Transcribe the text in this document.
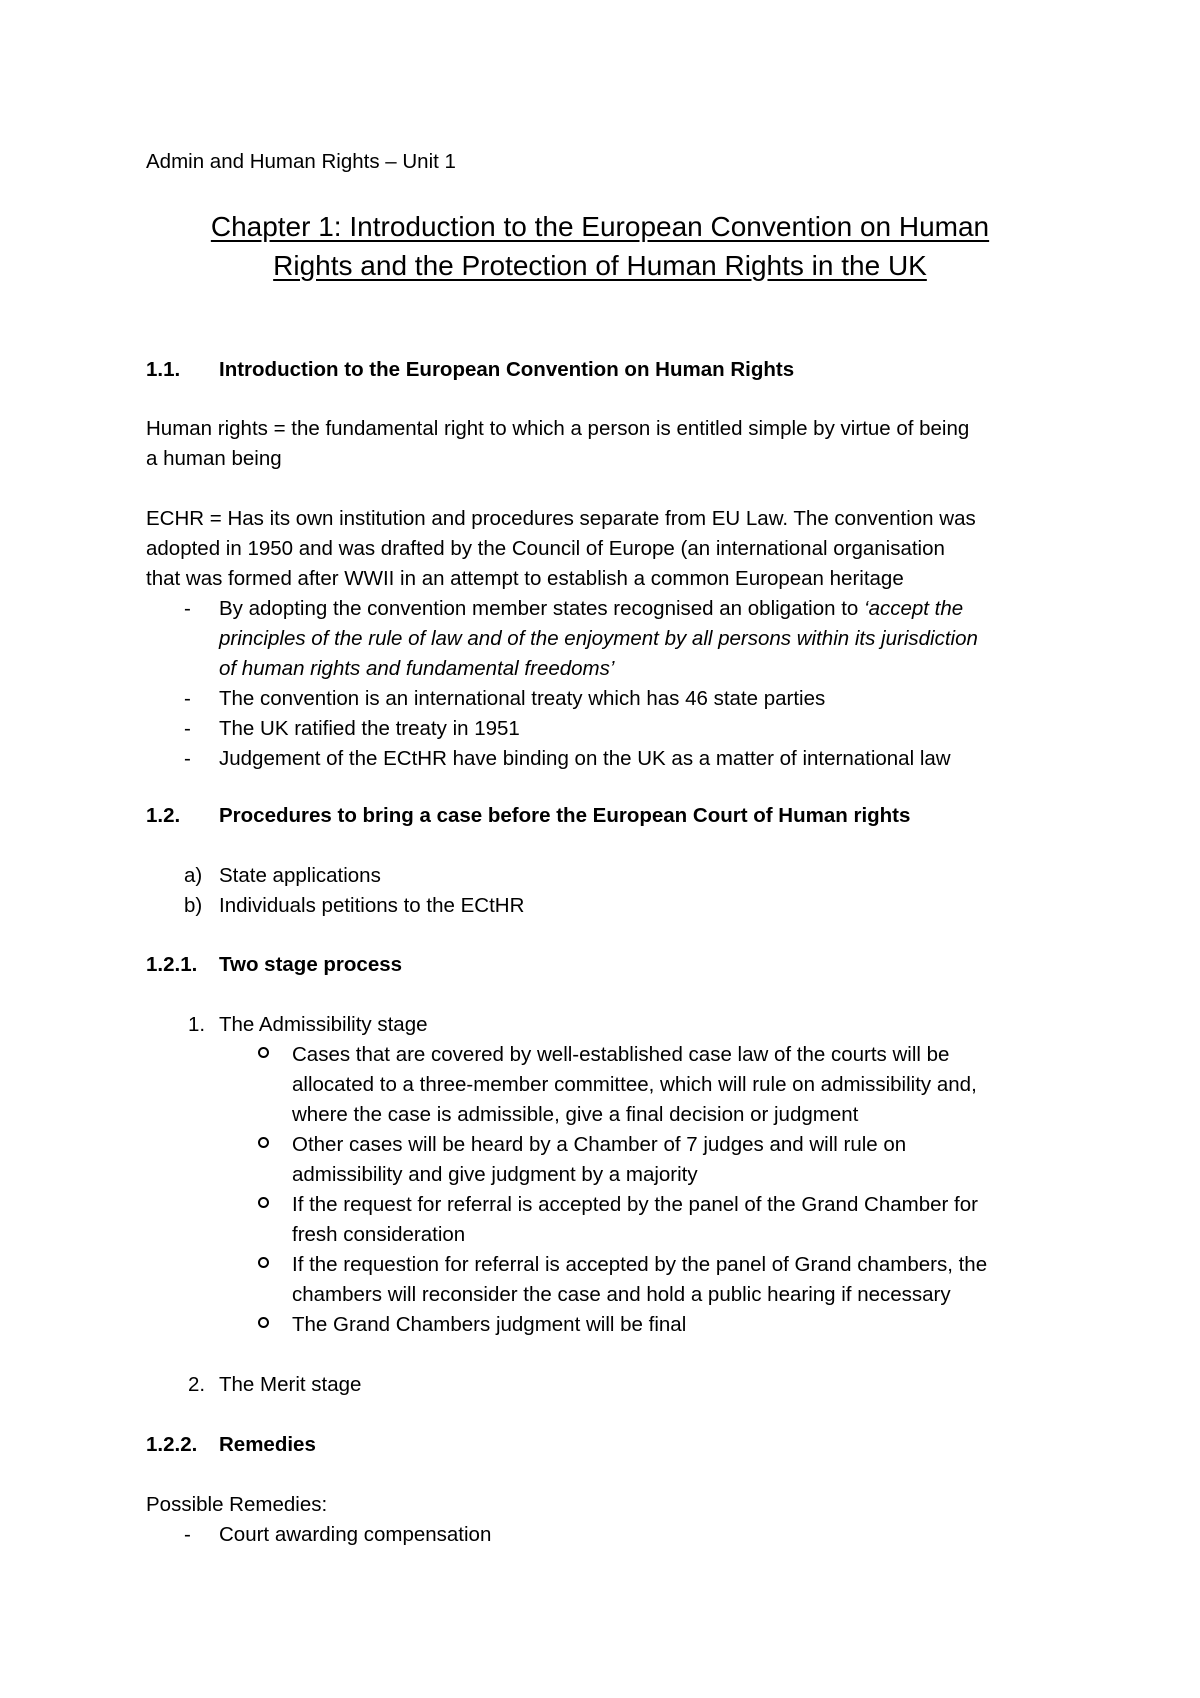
Admin and Human Rights – Unit 1
Chapter 1: Introduction to the European Convention on Human
Rights and the Protection of Human Rights in the UK
1.1. Introduction to the European Convention on Human Rights
Human rights = the fundamental right to which a person is entitled simple by virtue of being
a human being
ECHR = Has its own institution and procedures separate from EU Law. The convention was
adopted in 1950 and was drafted by the Council of Europe (an international organisation
that was formed after WWII in an attempt to establish a common European heritage
- By adopting the convention member states recognised an obligation to ‘accept the
principles of the rule of law and of the enjoyment by all persons within its jurisdiction
of human rights and fundamental freedoms’
- The convention is an international treaty which has 46 state parties
- The UK ratified the treaty in 1951
- Judgement of the ECtHR have binding on the UK as a matter of international law
1.2. Procedures to bring a case before the European Court of Human rights
a) State applications
b) Individuals petitions to the ECtHR
1.2.1. Two stage process
1. The Admissibility stage
Cases that are covered by well-established case law of the courts will be
allocated to a three-member committee, which will rule on admissibility and,
where the case is admissible, give a final decision or judgment
Other cases will be heard by a Chamber of 7 judges and will rule on
admissibility and give judgment by a majority
If the request for referral is accepted by the panel of the Grand Chamber for
fresh consideration
If the requestion for referral is accepted by the panel of Grand chambers, the
chambers will reconsider the case and hold a public hearing if necessary
The Grand Chambers judgment will be final
2. The Merit stage
1.2.2. Remedies
Possible Remedies:
- Court awarding compensation
